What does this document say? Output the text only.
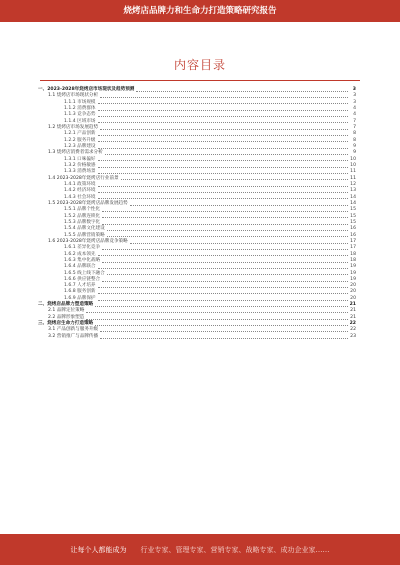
烧烤店品牌力和生命力打造策略研究报告
内容目录
一、2023-2028年烧烤店市场现状及趋势预测	3
1.1 烧烤店市场现状分析	3
1.1.1 市场规模	3
1.1.2 消费群体	4
1.1.3 竞争态势	4
1.1.4 区域市场	7
1.2 烧烤店市场发展趋势	7
1.2.1 产品创新	8
1.2.2 服务升级	8
1.2.3 品牌建设	9
1.3 烧烤店消费者需求分析	9
1.3.1 口味偏好	10
1.3.2 价格敏感	10
1.3.3 消费场景	11
1.4 2023-2028年烧烤店行业前景	11
1.4.1 政策环境	12
1.4.2 经济环境	13
1.4.3 社会环境	14
1.5 2023-2028年烧烤店品牌发展趋势	14
1.5.1 品牌个性化	15
1.5.2 品牌连锁化	15
1.5.3 品牌数字化	15
1.5.4 品牌文化建设	16
1.5.5 品牌营销策略	16
1.6 2023-2028年烧烤店品牌竞争策略	17
1.6.1 差异化竞争	17
1.6.2 成本领先	18
1.6.3 集中化战略	18
1.6.4 品牌联合	19
1.6.5 线上线下融合	19
1.6.6 供应链整合	19
1.6.7 人才培养	20
1.6.8 服务创新	20
1.6.9 品牌保护	20
二、烧烤店品牌力塑造策略	21
2.1 品牌定位策略	21
2.2 品牌形象塑造	21
三、烧烤店生命力打造策略	22
3.1 产品创新与服务升级	22
3.2 营销推广与品牌传播	23
让每个人都能成为 行业专家、管理专家、营销专家、战略专家、成功企业家……
